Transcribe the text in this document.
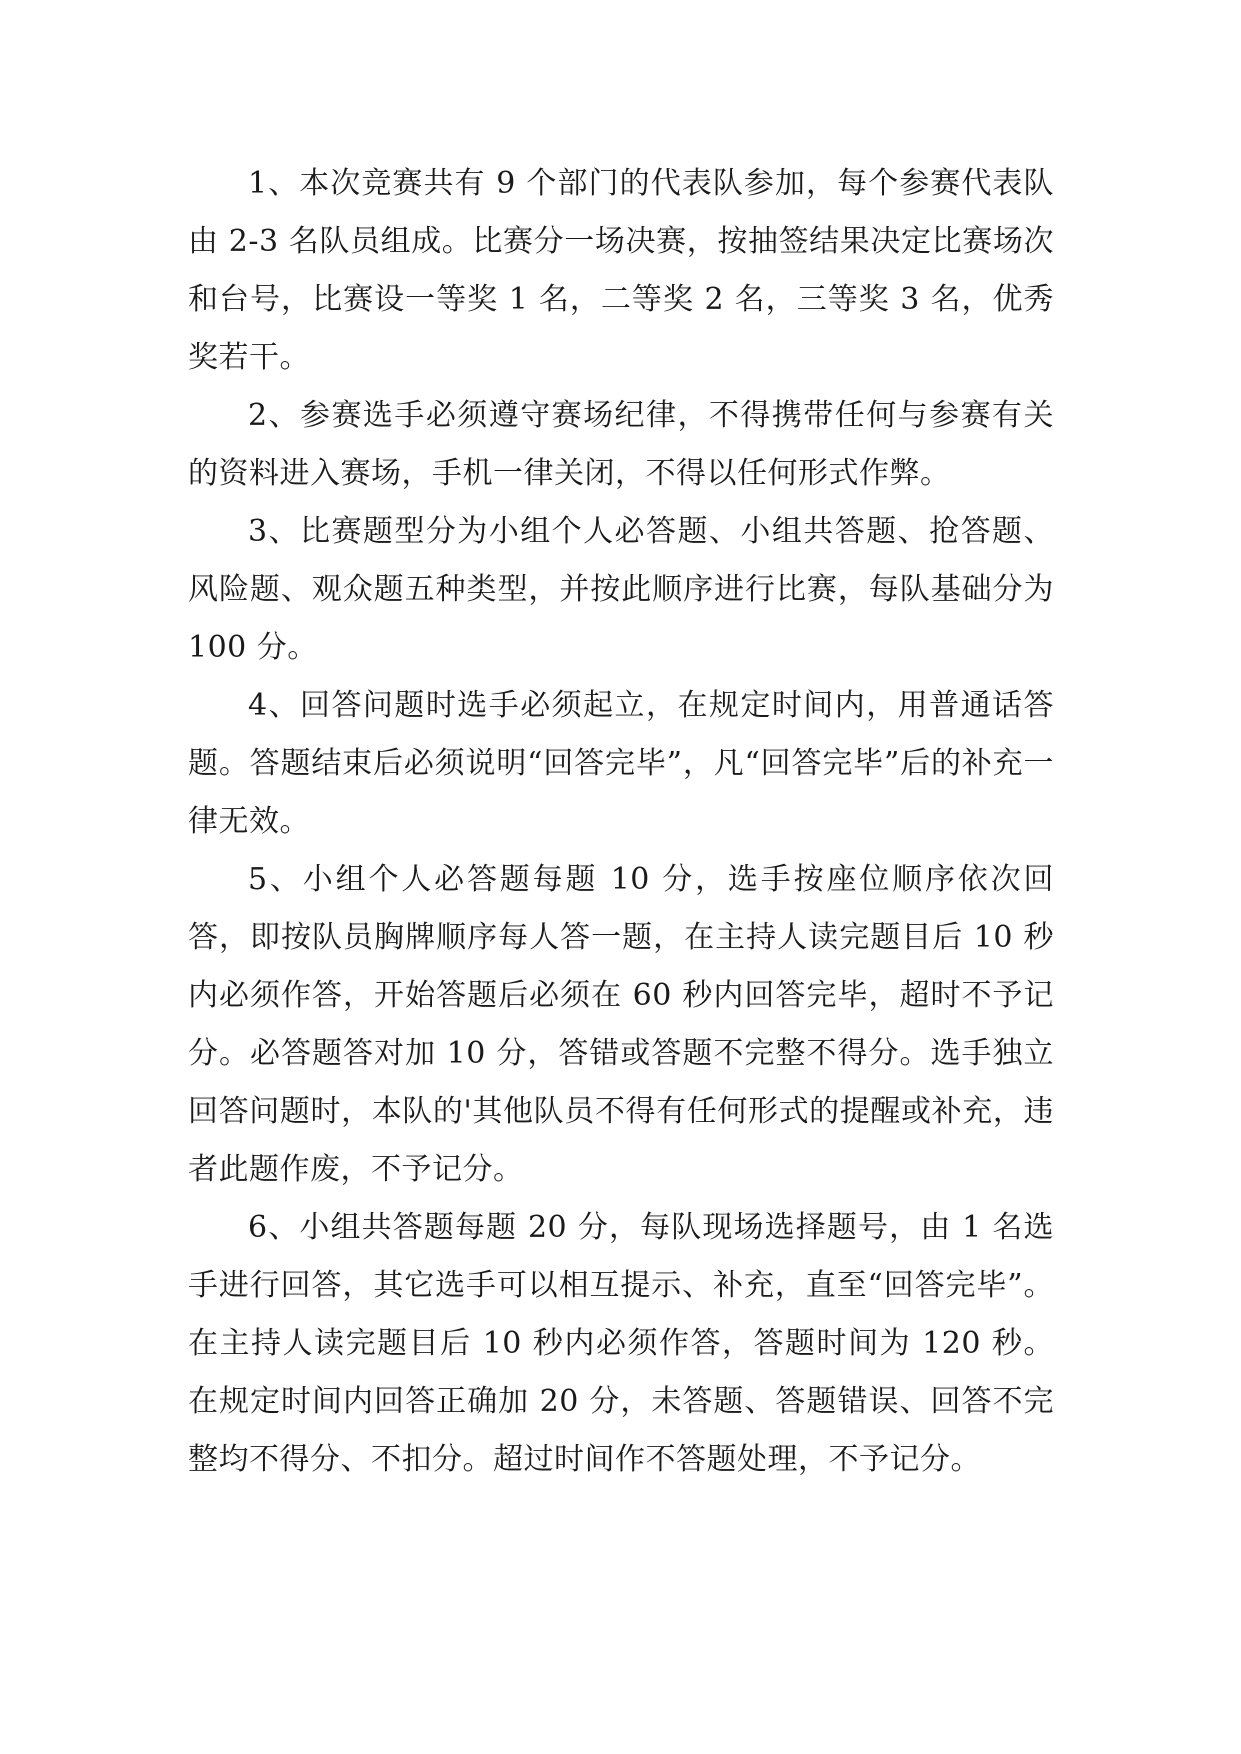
1、本次竞赛共有 9 个部门的代表队参加，每个参赛代表队由 2-3 名队员组成。比赛分一场决赛，按抽签结果决定比赛场次和台号，比赛设一等奖 1 名，二等奖 2 名，三等奖 3 名，优秀奖若干。

2、参赛选手必须遵守赛场纪律，不得携带任何与参赛有关的资料进入赛场，手机一律关闭，不得以任何形式作弊。

3、比赛题型分为小组个人必答题、小组共答题、抢答题、风险题、观众题五种类型，并按此顺序进行比赛，每队基础分为 100 分。

4、回答问题时选手必须起立，在规定时间内，用普通话答题。答题结束后必须说明“回答完毕”，凡“回答完毕”后的补充一律无效。

5、小组个人必答题每题 10 分，选手按座位顺序依次回答，即按队员胸牌顺序每人答一题，在主持人读完题目后 10 秒内必须作答，开始答题后必须在 60 秒内回答完毕，超时不予记分。必答题答对加 10 分，答错或答题不完整不得分。选手独立回答问题时，本队的'其他队员不得有任何形式的提醒或补充，违者此题作废，不予记分。

6、小组共答题每题 20 分，每队现场选择题号，由 1 名选手进行回答，其它选手可以相互提示、补充，直至“回答完毕”。在主持人读完题目后 10 秒内必须作答，答题时间为 120 秒。在规定时间内回答正确加 20 分，未答题、答题错误、回答不完整均不得分、不扣分。超过时间作不答题处理，不予记分。
